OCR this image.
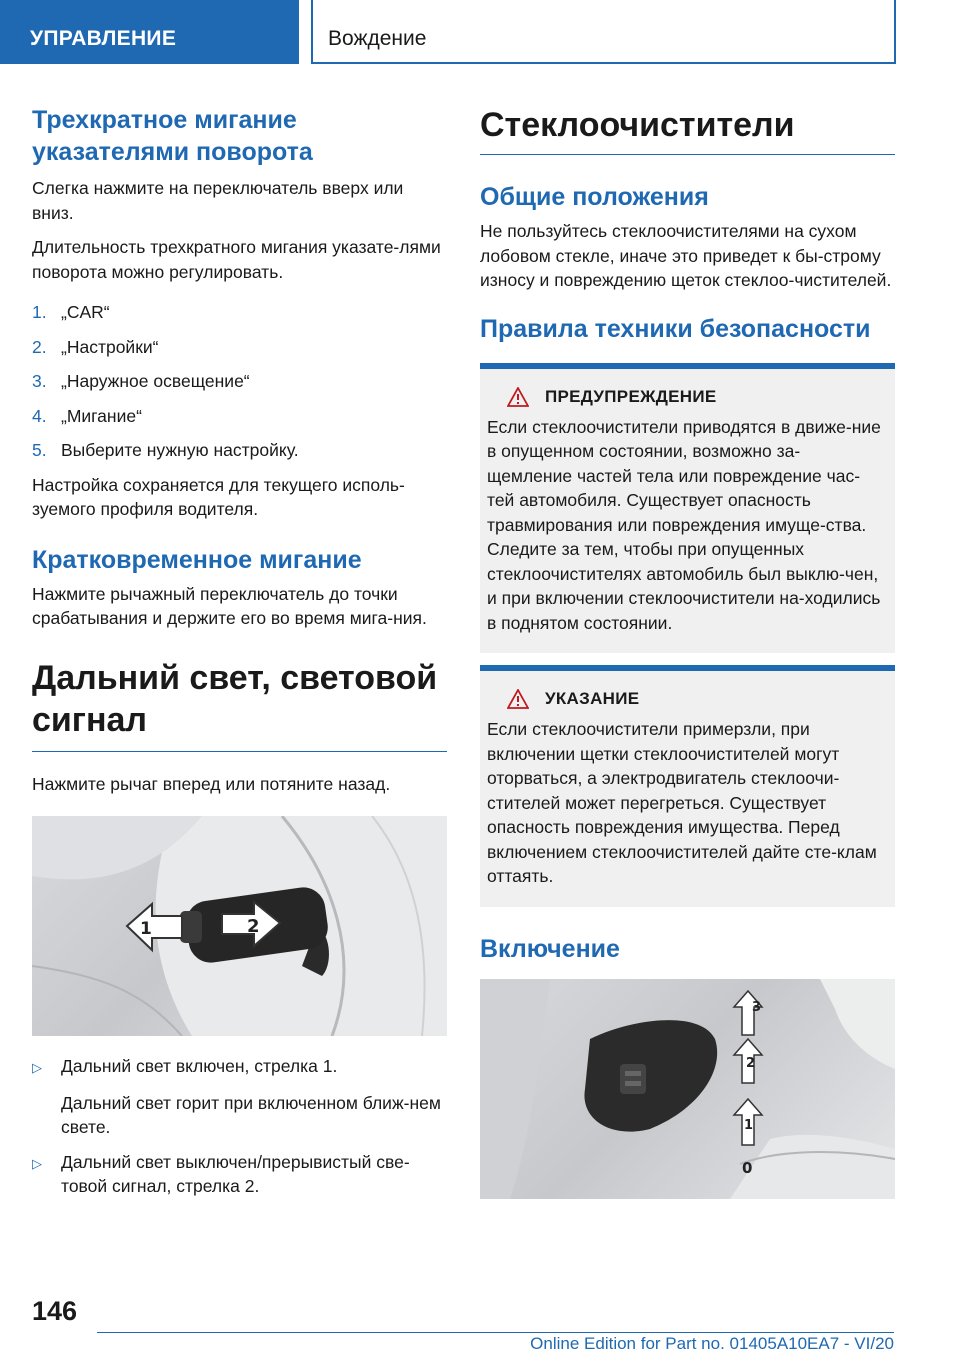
УПРАВЛЕНИЕ	Вождение
Трехкратное мигание указателями поворота

Слегка нажмите на переключатель вверх или вниз.

Длительность трехкратного мигания указате-лями поворота можно регулировать.

1. „CAR“
2. „Настройки“
3. „Наружное освещение“
4. „Мигание“
5. Выберите нужную настройку.

Настройка сохраняется для текущего исполь-зуемого профиля водителя.

Кратковременное мигание

Нажмите рычажный переключатель до точки срабатывания и держите его во время мига-ния.

Дальний свет, световой сигнал

Нажмите рычаг вперед или потяните назад.

1	2
▷	Дальний свет включен, стрелка 1.
Дальний свет горит при включенном ближ-нем свете.
▷	Дальний свет выключен/прерывистый све-товой сигнал, стрелка 2.
Стеклоочистители
Общие положения

Не пользуйтесь стеклоочистителями на сухом лобовом стекле, иначе это приведет к бы-строму износу и повреждению щеток стеклоо-чистителей.

Правила техники безопасности
ПРЕДУПРЕЖДЕНИЕ

Если стеклоочистители приводятся в движе-ние в опущенном состоянии, возможно за-щемление частей тела или повреждение час-тей автомобиля. Существует опасность травмирования или повреждения имуще-ства. Следите за тем, чтобы при опущенных стеклоочистителях автомобиль был выклю-чен, и при включении стеклоочистители на-ходились в поднятом состоянии.

УКАЗАНИЕ

Если стеклоочистители примерзли, при включении щетки стеклоочистителей могут оторваться, а электродвигатель стеклоочи-стителей может перегреться. Существует опасность повреждения имущества. Перед включением стеклоочистителей дайте сте-клам оттаять.

Включение
3
2
1
0
146
Online Edition for Part no. 01405A10EA7 - VI/20
